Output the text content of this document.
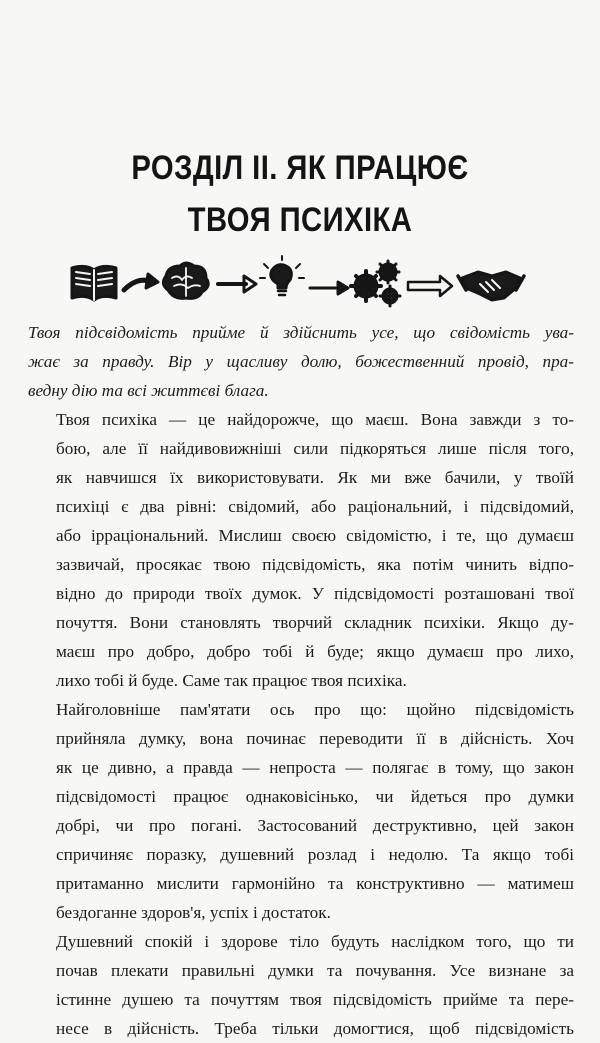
РОЗДІЛ ІІ. ЯК ПРАЦЮЄ
ТВОЯ ПСИХІКА

Твоя підсвідомість прийме й здійснить усе, що свідомість ува-
жає за правду. Вір у щасливу долю, божественний провід, пра-
ведну дію та всі життєві блага.

Твоя психіка — це найдорожче, що маєш. Вона завжди з то-
бою, але її найдивовижніші сили підкоряться лише після того,
як навчишся їх використовувати. Як ми вже бачили, у твоїй
психіці є два рівні: свідомий, або раціональний, і підсвідомий,
або ірраціональний. Мислиш своєю свідомістю, і те, що думаєш
зазвичай, просякає твою підсвідомість, яка потім чинить відпо-
відно до природи твоїх думок. У підсвідомості розташовані твої
почуття. Вони становлять творчий складник психіки. Якщо ду-
маєш про добро, добро тобі й буде; якщо думаєш про лихо,
лихо тобі й буде. Саме так працює твоя психіка.

Найголовніше пам'ятати ось про що: щойно підсвідомість
прийняла думку, вона починає переводити її в дійсність. Хоч
як це дивно, а правда — непроста — полягає в тому, що закон
підсвідомості працює однаковісінько, чи йдеться про думки
добрі, чи про погані. Застосований деструктивно, цей закон
спричиняє поразку, душевний розлад і недолю. Та якщо тобі
притаманно мислити гармонійно та конструктивно — матимеш
бездоганне здоров'я, успіх і достаток.

Душевний спокій і здорове тіло будуть наслідком того, що ти
почав плекати правильні думки та почування. Усе визнане за
істинне душею та почуттям твоя підсвідомість прийме та пере-
несе в дійсність. Треба тільки домогтися, щоб підсвідомість
